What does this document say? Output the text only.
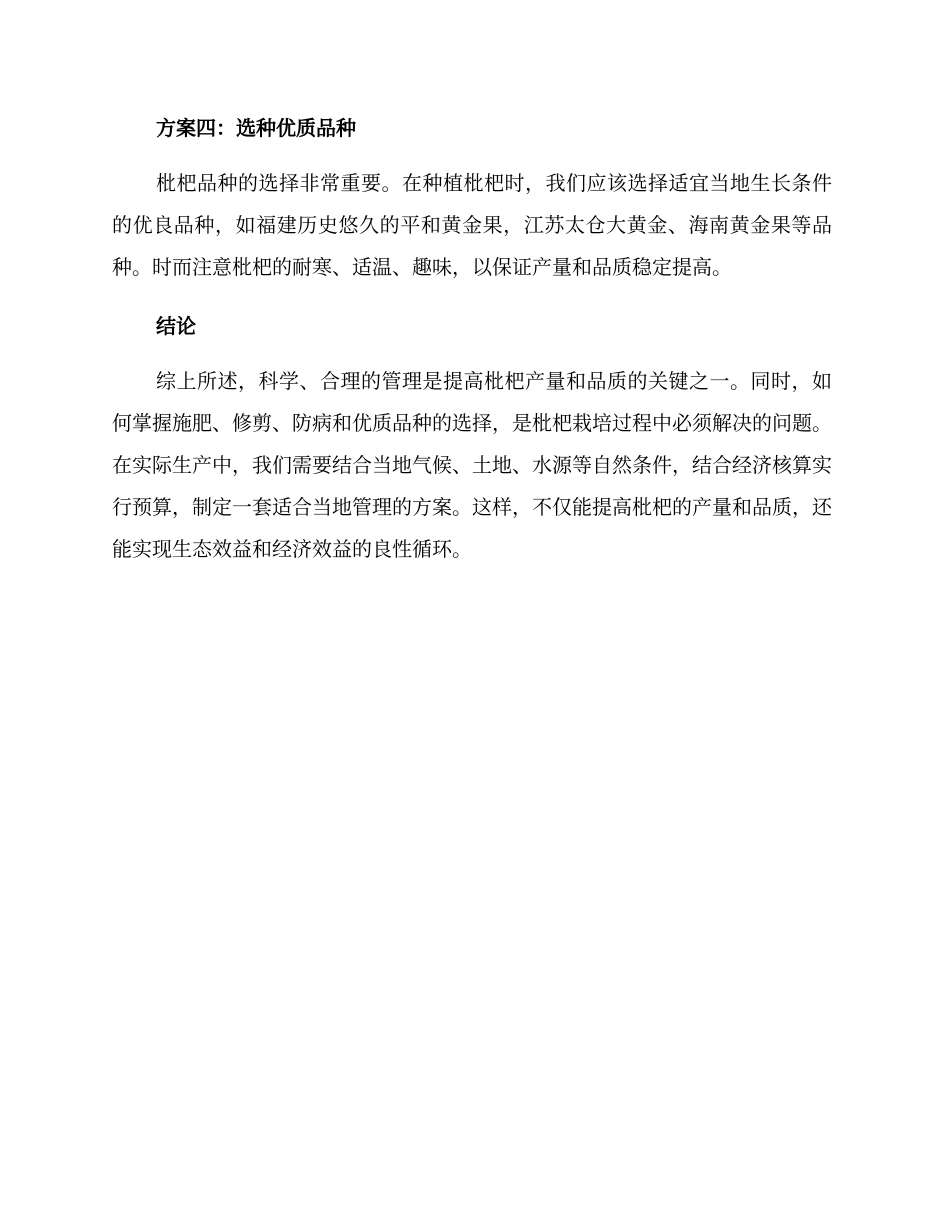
方案四：选种优质品种

枇杷品种的选择非常重要。在种植枇杷时，我们应该选择适宜当地生长条件的优良品种，如福建历史悠久的平和黄金果，江苏太仓大黄金、海南黄金果等品种。时而注意枇杷的耐寒、适温、趣味，以保证产量和品质稳定提高。

结论

综上所述，科学、合理的管理是提高枇杷产量和品质的关键之一。同时，如何掌握施肥、修剪、防病和优质品种的选择，是枇杷栽培过程中必须解决的问题。在实际生产中，我们需要结合当地气候、土地、水源等自然条件，结合经济核算实行预算，制定一套适合当地管理的方案。这样，不仅能提高枇杷的产量和品质，还能实现生态效益和经济效益的良性循环。
